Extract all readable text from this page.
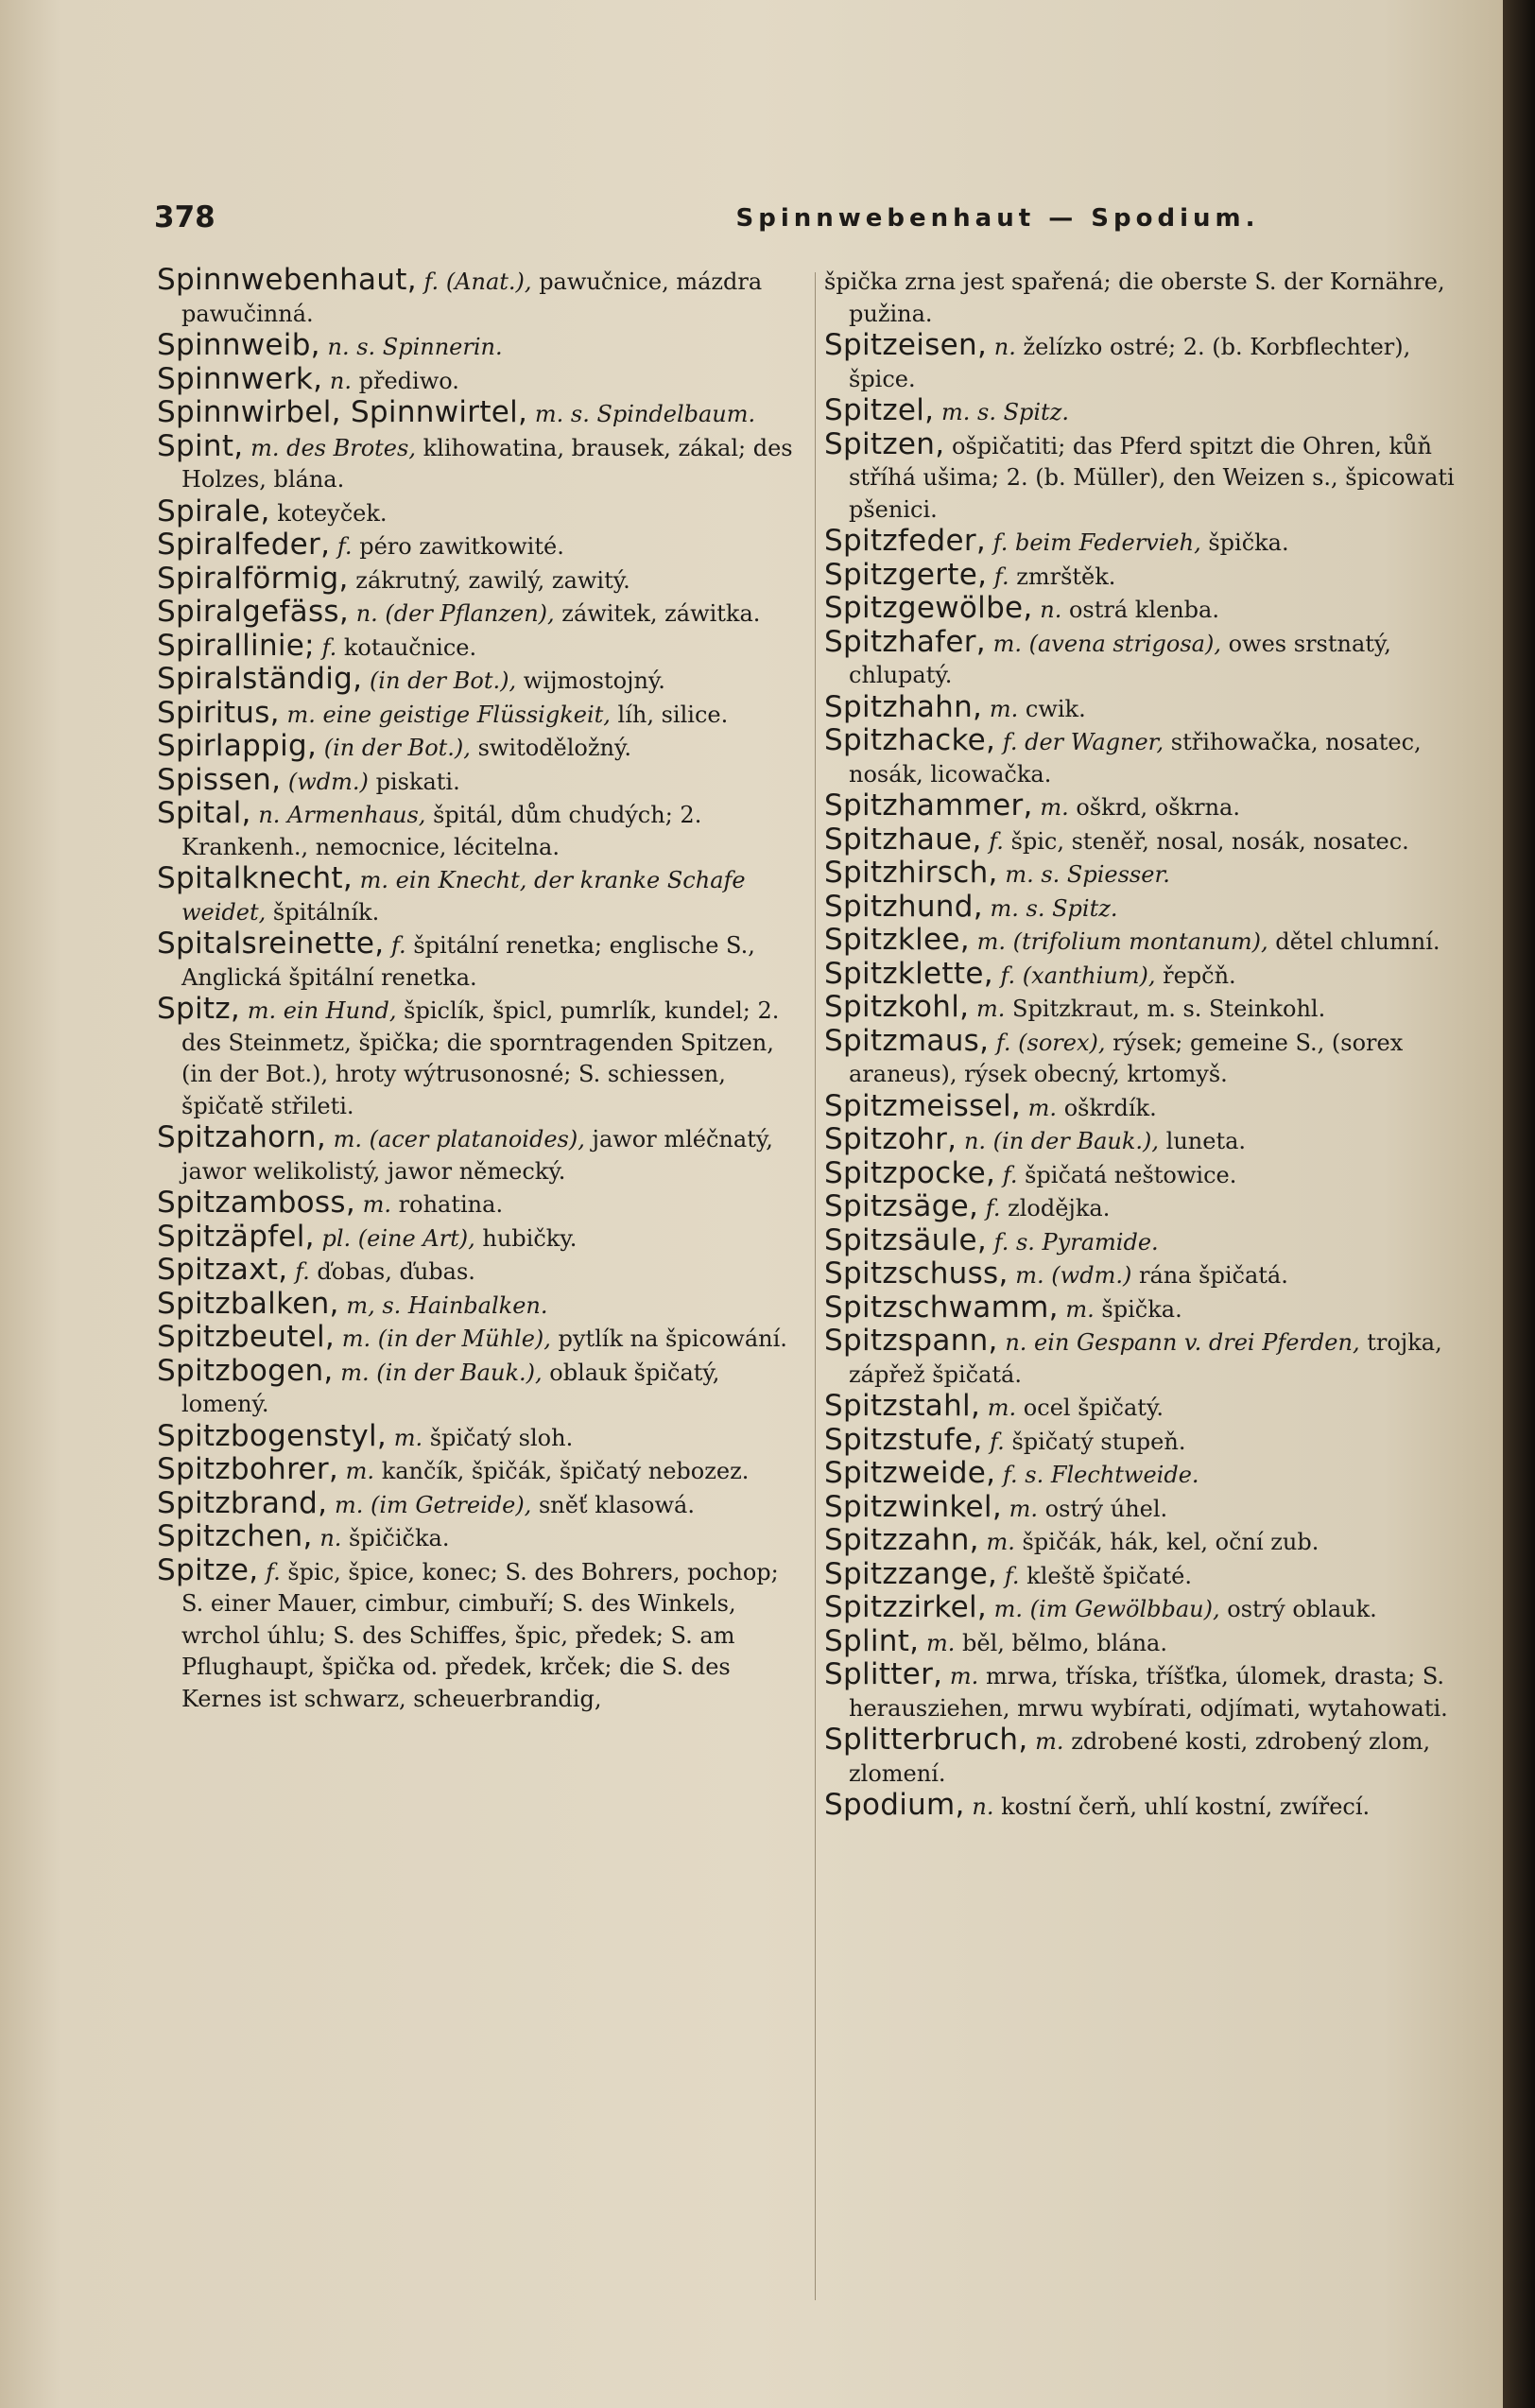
378	Spinnwebenhaut — Spodium.

Spinnwebenhaut, f. (Anat.), pawučnice, mázdra pawučinná.

Spinnweib, n. s. Spinnerin.

Spinnwerk, n. přediwo.

Spinnwirbel, Spinnwirtel, m. s. Spindelbaum.

Spint, m. des Brotes, klihowatina, brausek, zákal; des Holzes, blána.

Spirale, koteyček.

Spiralfeder, f. péro zawitkowité.

Spiralförmig, zákrutný, zawilý, zawitý.

Spiralgefäss, n. (der Pflanzen), záwitek, záwitka.

Spirallinie; f. kotaučnice.

Spiralständig, (in der Bot.), wijmostojný.

Spiritus, m. eine geistige Flüssigkeit, líh, silice.

Spirlappig, (in der Bot.), switoděložný.

Spissen, (wdm.) piskati.

Spital, n. Armenhaus, špitál, dům chudých; 2. Krankenh., nemocnice, lécitelna.

Spitalknecht, m. ein Knecht, der kranke Schafe weidet, špitálník.

Spitalsreinette, f. špitální renetka; englische S., Anglická špitální renetka.

Spitz, m. ein Hund, špiclík, špicl, pumrlík, kundel; 2. des Steinmetz, špička; die sporntragenden Spitzen, (in der Bot.), hroty wýtrusonosné; S. schiessen, špičatě střileti.

Spitzahorn, m. (acer platanoides), jawor mléčnatý, jawor welikolistý, jawor německý.

Spitzamboss, m. rohatina.

Spitzäpfel, pl. (eine Art), hubičky.

Spitzaxt, f. ďobas, ďubas.

Spitzbalken, m, s. Hainbalken.

Spitzbeutel, m. (in der Mühle), pytlík na špicowání.

Spitzbogen, m. (in der Bauk.), oblauk špičatý, lomený.

Spitzbogenstyl, m. špičatý sloh.

Spitzbohrer, m. kančík, špičák, špičatý nebozez.

Spitzbrand, m. (im Getreide), sněť klasowá.

Spitzchen, n. špičička.

Spitze, f. špic, špice, konec; S. des Bohrers, pochop; S. einer Mauer, cimbur, cimbuří; S. des Winkels, wrchol úhlu; S. des Schiffes, špic, předek; S. am Pflughaupt, špička od. předek, krček; die S. des Kernes ist schwarz, scheuerbrandig,

špička zrna jest spařená; die oberste S. der Kornähre, pužina.

Spitzeisen, n. želízko ostré; 2. (b. Korbflechter), špice.

Spitzel, m. s. Spitz.

Spitzen, ošpičatiti; das Pferd spitzt die Ohren, kůň stříhá ušima; 2. (b. Müller), den Weizen s., špicowati pšenici.

Spitzfeder, f. beim Federvieh, špička.

Spitzgerte, f. zmrštěk.

Spitzgewölbe, n. ostrá klenba.

Spitzhafer, m. (avena strigosa), owes srstnatý, chlupatý.

Spitzhahn, m. cwik.

Spitzhacke, f. der Wagner, střihowačka, nosatec, nosák, licowačka.

Spitzhammer, m. oškrd, oškrna.

Spitzhaue, f. špic, steněř, nosal, nosák, nosatec.

Spitzhirsch, m. s. Spiesser.

Spitzhund, m. s. Spitz.

Spitzklee, m. (trifolium montanum), dětel chlumní.

Spitzklette, f. (xanthium), řepčň.

Spitzkohl, m. Spitzkraut, m. s. Steinkohl.

Spitzmaus, f. (sorex), rýsek; gemeine S., (sorex araneus), rýsek obecný, krtomyš.

Spitzmeissel, m. oškrdík.

Spitzohr, n. (in der Bauk.), luneta.

Spitzpocke, f. špičatá neštowice.

Spitzsäge, f. zlodějka.

Spitzsäule, f. s. Pyramide.

Spitzschuss, m. (wdm.) rána špičatá.

Spitzschwamm, m. špička.

Spitzspann, n. ein Gespann v. drei Pferden, trojka, zápřež špičatá.

Spitzstahl, m. ocel špičatý.

Spitzstufe, f. špičatý stupeň.

Spitzweide, f. s. Flechtweide.

Spitzwinkel, m. ostrý úhel.

Spitzzahn, m. špičák, hák, kel, oční zub.

Spitzzange, f. kleště špičaté.

Spitzzirkel, m. (im Gewölbbau), ostrý oblauk.

Splint, m. běl, bělmo, blána.

Splitter, m. mrwa, tříska, tříšťka, úlomek, drasta; S. herausziehen, mrwu wybírati, odjímati, wytahowati.

Splitterbruch, m. zdrobené kosti, zdrobený zlom, zlomení.

Spodium, n. kostní čerň, uhlí kostní, zwířecí.
